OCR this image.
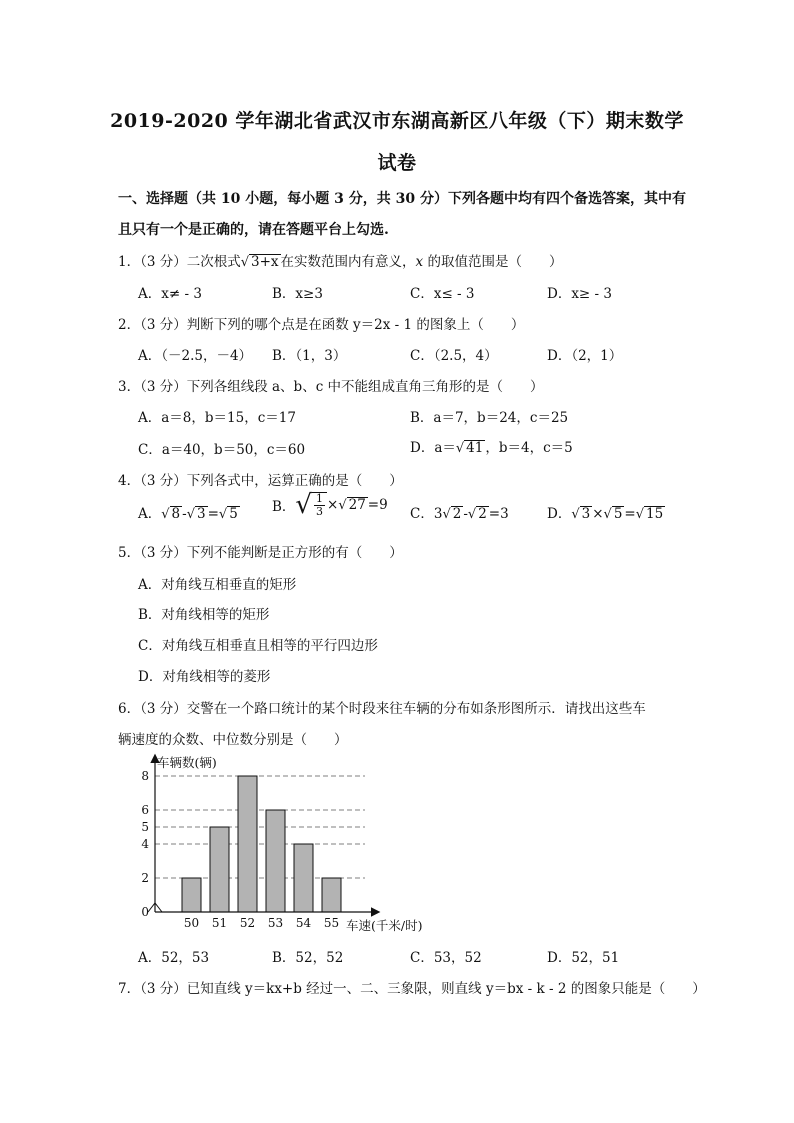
2019-2020 学年湖北省武汉市东湖高新区八年级（下）期末数学
试卷
一、选择题（共 10 小题，每小题 3 分，共 30 分）下列各题中均有四个备选答案，其中有
且只有一个是正确的，请在答题平台上勾选.
1．（3 分）二次根式√ 3+x 在实数范围内有意义，x 的取值范围是（　　）
A．x≠ - 3	B．x≥3	C．x≤ - 3	D．x≥ - 3
2．（3 分）判断下列的哪个点是在函数 y＝2x - 1 的图象上（　　）
A．（－2.5，－4） B．（1，3）	C．（2.5，4）	D．（2，1）
3．（3 分）下列各组线段 a、b、c 中不能组成直角三角形的是（　　）
A．a＝8，b＝15，c＝17	B．a＝7，b＝24，c＝25
C．a＝40，b＝50，c＝60	D．a＝√ 41 ，b＝4，c＝5
4．（3 分）下列各式中，运算正确的是（　　）
A．√ 8 -√ 3 =√ 5	B．√ $\frac{1}{3}$ ×√ 27 =9
C．3√ 2 -√ 2 =3	D．√ 3 ×√ 5 =√ 15
5．（3 分）下列不能判断是正方形的有（　　）
A．对角线互相垂直的矩形
B．对角线相等的矩形
C．对角线互相垂直且相等的平行四边形
D．对角线相等的菱形
6．（3 分）交警在一个路口统计的某个时段来往车辆的分布如条形图所示．请找出这些车
辆速度的众数、中位数分别是（　　）
0
2
4
5
6
8
50 51 52 53 54 55
车辆数(辆)
车速(千米/时)
A．52，53	B．52，52	C．53，52	D．52，51
7．（3 分）已知直线 y＝kx+b 经过一、二、三象限，则直线 y＝bx - k - 2 的图象只能是（　　）
